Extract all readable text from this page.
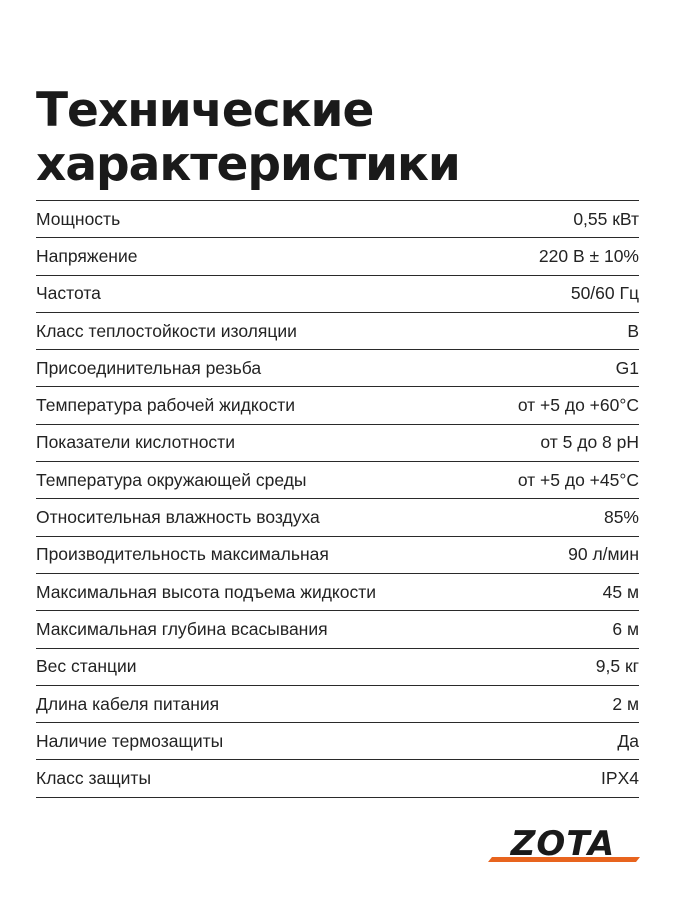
Технические
характеристики
Мощность	0,55 кВт
Напряжение	220 В ± 10%
Частота	50/60 Гц
Класс теплостойкости изоляции	B
Присоединительная резьба	G1
Температура рабочей жидкости	от +5 до +60°С
Показатели кислотности	от 5 до 8 pH
Температура окружающей среды	от +5 до +45°С
Относительная влажность воздуха	85%
Производительность максимальная	90 л/мин
Максимальная высота подъема жидкости	45 м
Максимальная глубина всасывания	6 м
Вес станции	9,5 кг
Длина кабеля питания	2 м
Наличие термозащиты	Да
Класс защиты	IPX4
ZOTA
